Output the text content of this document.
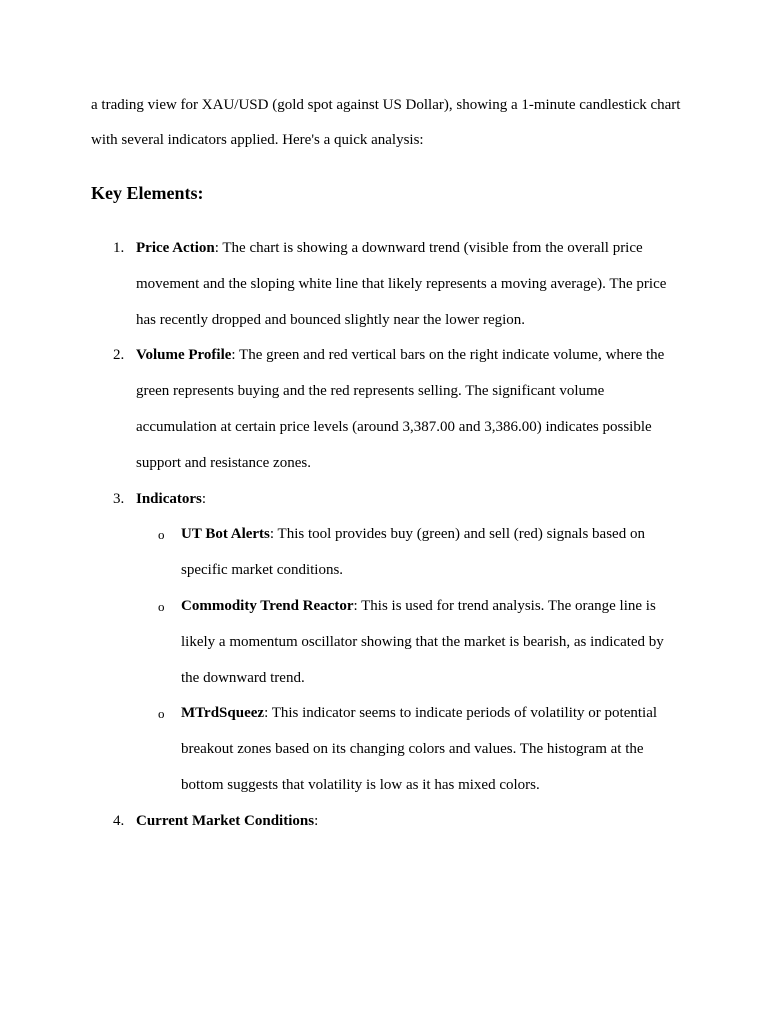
a trading view for XAU/USD (gold spot against US Dollar), showing a 1-minute candlestick chart with several indicators applied. Here's a quick analysis:

Key Elements:
1. Price Action: The chart is showing a downward trend (visible from the overall price movement and the sloping white line that likely represents a moving average). The price has recently dropped and bounced slightly near the lower region.
2. Volume Profile: The green and red vertical bars on the right indicate volume, where the green represents buying and the red represents selling. The significant volume accumulation at certain price levels (around 3,387.00 and 3,386.00) indicates possible support and resistance zones.
3. Indicators:
o UT Bot Alerts: This tool provides buy (green) and sell (red) signals based on specific market conditions.
o Commodity Trend Reactor: This is used for trend analysis. The orange line is likely a momentum oscillator showing that the market is bearish, as indicated by the downward trend.
o MTrdSqueez: This indicator seems to indicate periods of volatility or potential breakout zones based on its changing colors and values. The histogram at the bottom suggests that volatility is low as it has mixed colors.
4. Current Market Conditions:
